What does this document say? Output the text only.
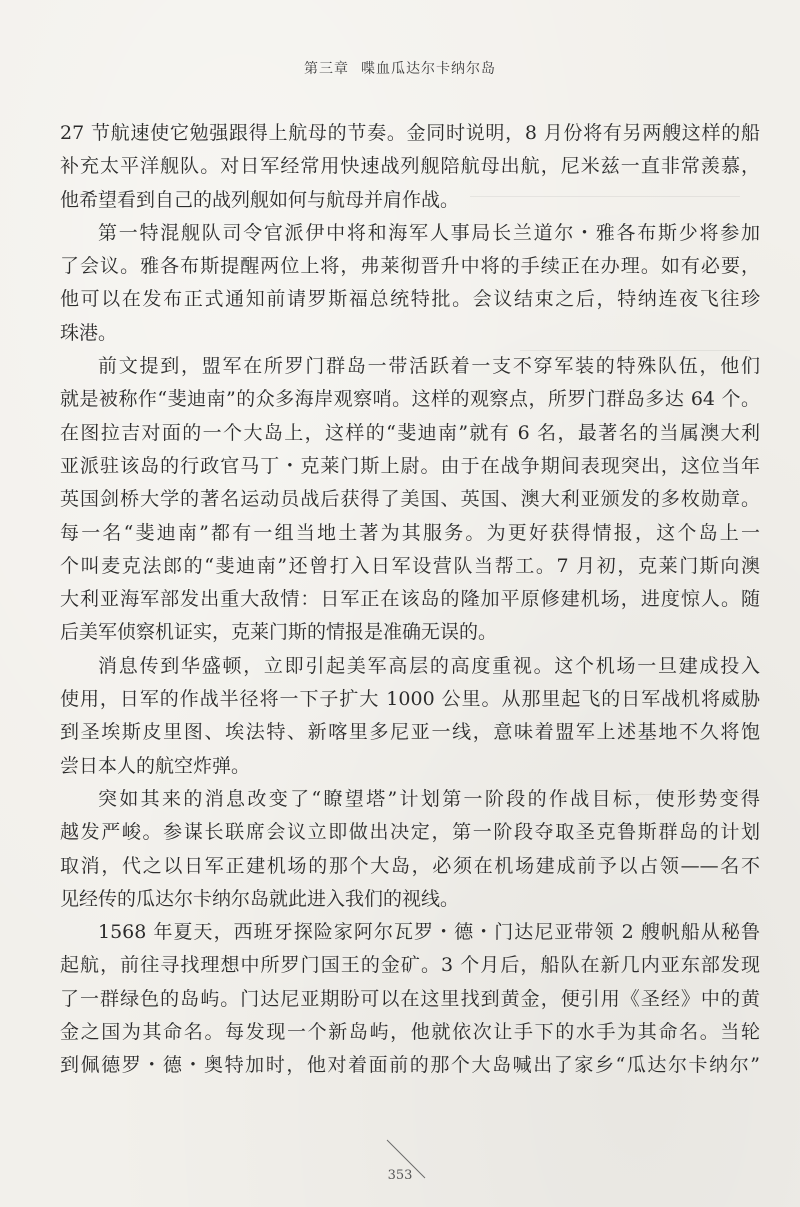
第三章 喋血瓜达尔卡纳尔岛
27 节航速使它勉强跟得上航母的节奏。金同时说明，8 月份将有另两艘这样的船
补充太平洋舰队。对日军经常用快速战列舰陪航母出航，尼米兹一直非常羡慕，
他希望看到自己的战列舰如何与航母并肩作战。
第一特混舰队司令官派伊中将和海军人事局长兰道尔・雅各布斯少将参加
了会议。雅各布斯提醒两位上将，弗莱彻晋升中将的手续正在办理。如有必要，
他可以在发布正式通知前请罗斯福总统特批。会议结束之后，特纳连夜飞往珍
珠港。
前文提到，盟军在所罗门群岛一带活跃着一支不穿军装的特殊队伍，他们
就是被称作“斐迪南”的众多海岸观察哨。这样的观察点，所罗门群岛多达 64 个。
在图拉吉对面的一个大岛上，这样的“斐迪南”就有 6 名，最著名的当属澳大利
亚派驻该岛的行政官马丁・克莱门斯上尉。由于在战争期间表现突出，这位当年
英国剑桥大学的著名运动员战后获得了美国、英国、澳大利亚颁发的多枚勋章。
每一名“斐迪南”都有一组当地土著为其服务。为更好获得情报，这个岛上一
个叫麦克法郎的“斐迪南”还曾打入日军设营队当帮工。7 月初，克莱门斯向澳
大利亚海军部发出重大敌情：日军正在该岛的隆加平原修建机场，进度惊人。随
后美军侦察机证实，克莱门斯的情报是准确无误的。
消息传到华盛顿，立即引起美军高层的高度重视。这个机场一旦建成投入
使用，日军的作战半径将一下子扩大 1000 公里。从那里起飞的日军战机将威胁
到圣埃斯皮里图、埃法特、新喀里多尼亚一线，意味着盟军上述基地不久将饱
尝日本人的航空炸弹。
突如其来的消息改变了“瞭望塔”计划第一阶段的作战目标，使形势变得
越发严峻。参谋长联席会议立即做出决定，第一阶段夺取圣克鲁斯群岛的计划
取消，代之以日军正建机场的那个大岛，必须在机场建成前予以占领——名不
见经传的瓜达尔卡纳尔岛就此进入我们的视线。
1568 年夏天，西班牙探险家阿尔瓦罗・德・门达尼亚带领 2 艘帆船从秘鲁
起航，前往寻找理想中所罗门国王的金矿。3 个月后，船队在新几内亚东部发现
了一群绿色的岛屿。门达尼亚期盼可以在这里找到黄金，便引用《圣经》中的黄
金之国为其命名。每发现一个新岛屿，他就依次让手下的水手为其命名。当轮
到佩德罗・德・奥特加时，他对着面前的那个大岛喊出了家乡“瓜达尔卡纳尔”
353
